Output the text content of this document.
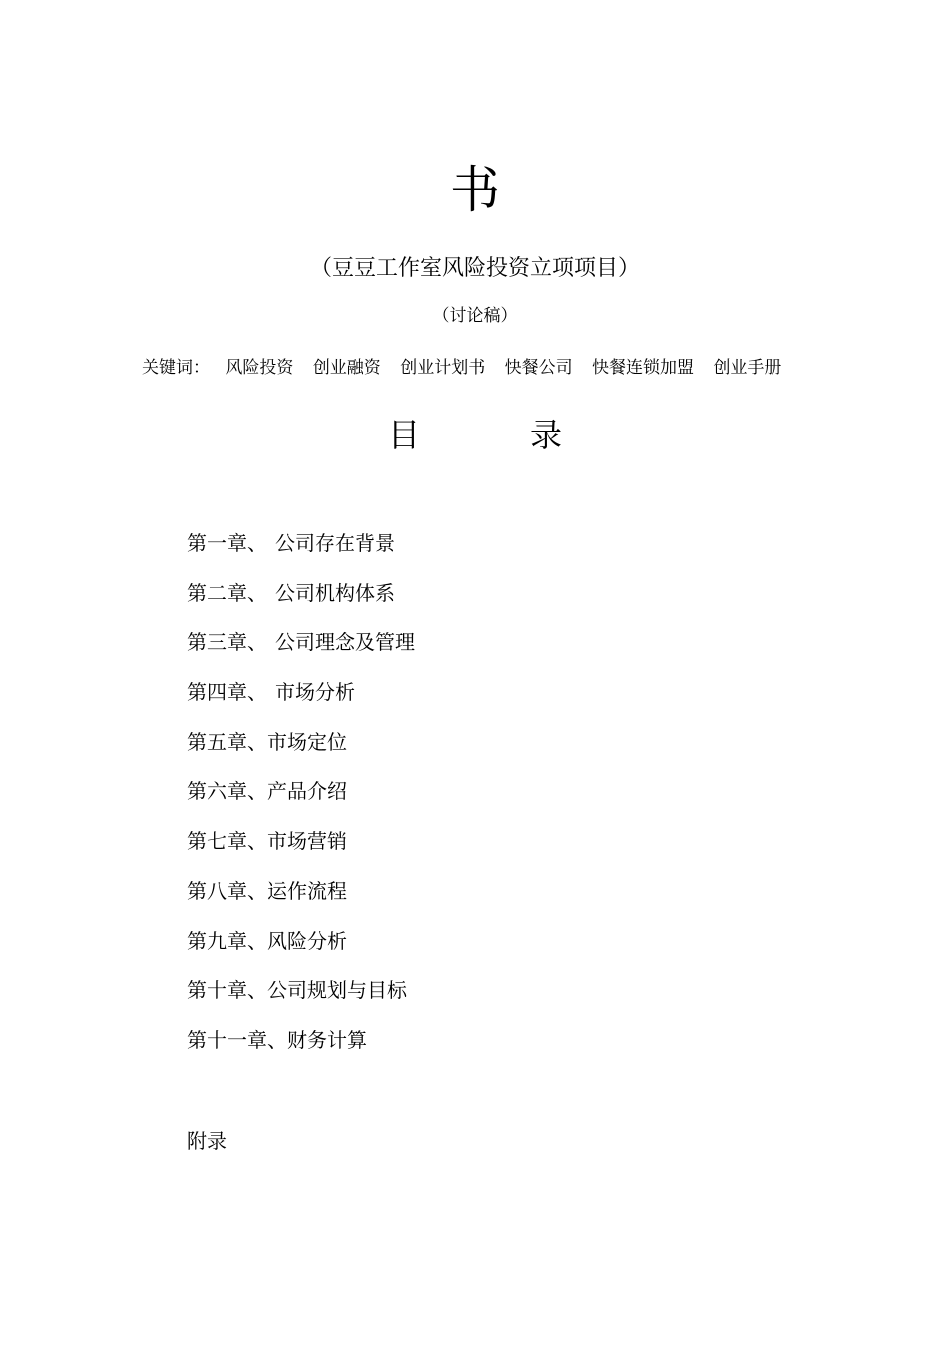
书
（豆豆工作室风险投资立项项目）
（讨论稿）
关键词： 风险投资 创业融资 创业计划书 快餐公司 快餐连锁加盟 创业手册
目	录
第一章、 公司存在背景
第二章、 公司机构体系
第三章、 公司理念及管理
第四章、 市场分析
第五章、市场定位
第六章、产品介绍
第七章、市场营销
第八章、运作流程
第九章、风险分析
第十章、公司规划与目标
第十一章、财务计算
附录
